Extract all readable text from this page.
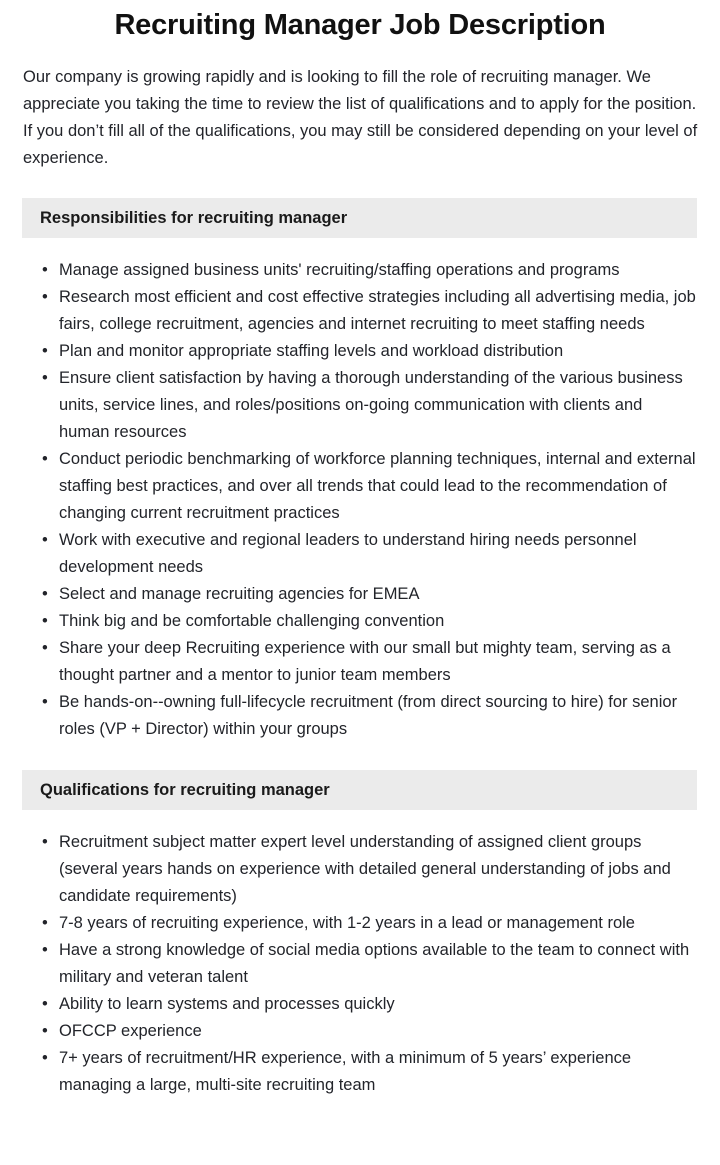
Recruiting Manager Job Description

Our company is growing rapidly and is looking to fill the role of recruiting manager. We appreciate you taking the time to review the list of qualifications and to apply for the position. If you don’t fill all of the qualifications, you may still be considered depending on your level of experience.

Responsibilities for recruiting manager
• Manage assigned business units' recruiting/staffing operations and programs
• Research most efficient and cost effective strategies including all advertising media, job fairs, college recruitment, agencies and internet recruiting to meet staffing needs
• Plan and monitor appropriate staffing levels and workload distribution
• Ensure client satisfaction by having a thorough understanding of the various business units, service lines, and roles/positions on-going communication with clients and human resources
• Conduct periodic benchmarking of workforce planning techniques, internal and external staffing best practices, and over all trends that could lead to the recommendation of changing current recruitment practices
• Work with executive and regional leaders to understand hiring needs personnel development needs
• Select and manage recruiting agencies for EMEA
• Think big and be comfortable challenging convention
• Share your deep Recruiting experience with our small but mighty team, serving as a thought partner and a mentor to junior team members
• Be hands-on--owning full-lifecycle recruitment (from direct sourcing to hire) for senior roles (VP + Director) within your groups
Qualifications for recruiting manager
• Recruitment subject matter expert level understanding of assigned client groups (several years hands on experience with detailed general understanding of jobs and candidate requirements)
• 7-8 years of recruiting experience, with 1-2 years in a lead or management role
• Have a strong knowledge of social media options available to the team to connect with military and veteran talent
• Ability to learn systems and processes quickly
• OFCCP experience
• 7+ years of recruitment/HR experience, with a minimum of 5 years’ experience managing a large, multi-site recruiting team
